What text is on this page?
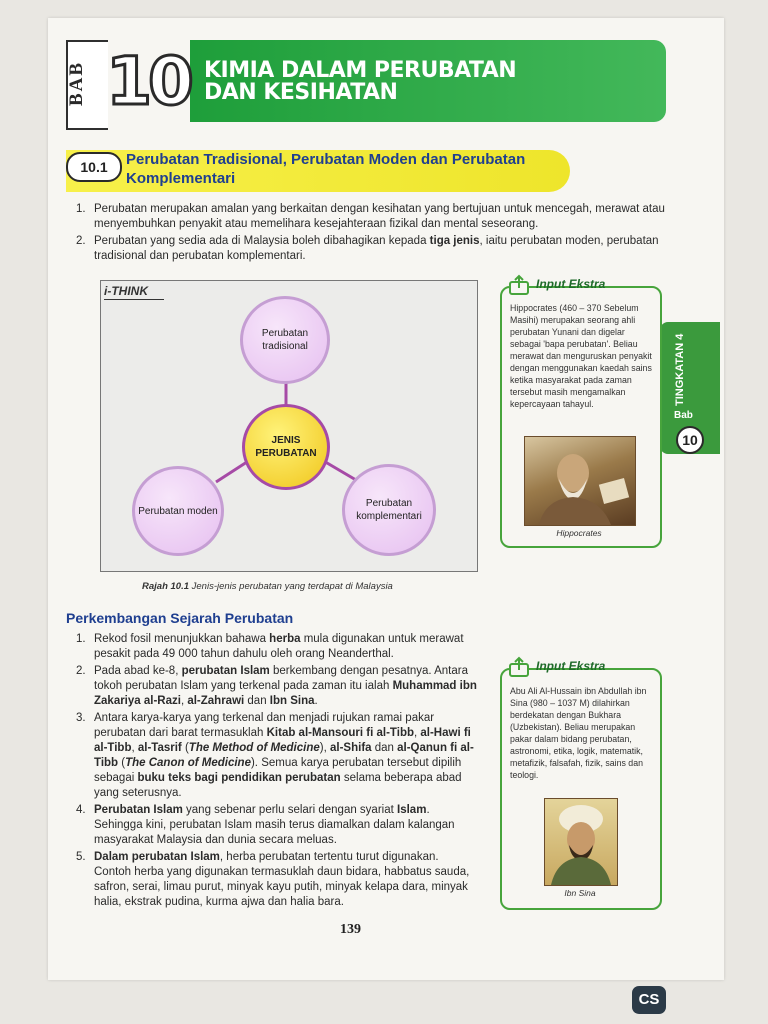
BAB 10 KIMIA DALAM PERUBATAN
DAN KESIHATAN
10.1	Perubatan Tradisional, Perubatan Moden dan Perubatan Komplementari
1. Perubatan merupakan amalan yang berkaitan dengan kesihatan yang bertujuan untuk mencegah, merawat atau menyembuhkan penyakit atau memelihara kesejahteraan fizikal dan mental seseorang.
2. Perubatan yang sedia ada di Malaysia boleh dibahagikan kepada tiga jenis, iaitu perubatan moden, perubatan tradisional dan perubatan komplementari.
i-THINK
Perubatan tradisional
JENIS PERUBATAN
Perubatan moden
Perubatan komplementari
Rajah 10.1 Jenis-jenis perubatan yang terdapat di Malaysia
TINGKATAN 4
Bab
10
Input Ekstra
Hippocrates (460 – 370 Sebelum Masihi) merupakan seorang ahli perubatan Yunani dan digelar sebagai 'bapa perubatan'. Beliau merawat dan menguruskan penyakit dengan menggunakan kaedah sains ketika masyarakat pada zaman tersebut masih mengamalkan kepercayaan tahayul.
Hippocrates
Input Ekstra
Abu Ali Al-Hussain ibn Abdullah ibn Sina (980 – 1037 M) dilahirkan berdekatan dengan Bukhara (Uzbekistan). Beliau merupakan pakar dalam bidang perubatan, astronomi, etika, logik, matematik, metafizik, falsafah, fizik, sains dan teologi.
Ibn Sina
Perkembangan Sejarah Perubatan
1. Rekod fosil menunjukkan bahawa herba mula digunakan untuk merawat pesakit pada 49 000 tahun dahulu oleh orang Neanderthal.
2. Pada abad ke-8, perubatan Islam berkembang dengan pesatnya. Antara tokoh perubatan Islam yang terkenal pada zaman itu ialah Muhammad ibn Zakariya al-Razi, al-Zahrawi dan Ibn Sina.
3. Antara karya-karya yang terkenal dan menjadi rujukan ramai pakar perubatan dari barat termasuklah Kitab al-Mansouri fi al-Tibb, al-Hawi fi al-Tibb, al-Tasrif (The Method of Medicine), al-Shifa dan al-Qanun fi al-Tibb (The Canon of Medicine). Semua karya perubatan tersebut dipilih sebagai buku teks bagi pendidikan perubatan selama beberapa abad yang seterusnya.
4. Perubatan Islam yang sebenar perlu selari dengan syariat Islam. Sehingga kini, perubatan Islam masih terus diamalkan dalam kalangan masyarakat Malaysia dan dunia secara meluas.
5. Dalam perubatan Islam, herba perubatan tertentu turut digunakan. Contoh herba yang digunakan termasuklah daun bidara, habbatus sauda, safron, serai, limau purut, minyak kayu putih, minyak kelapa dara, minyak halia, ekstrak pudina, kurma ajwa dan halia bara.
139
CS
